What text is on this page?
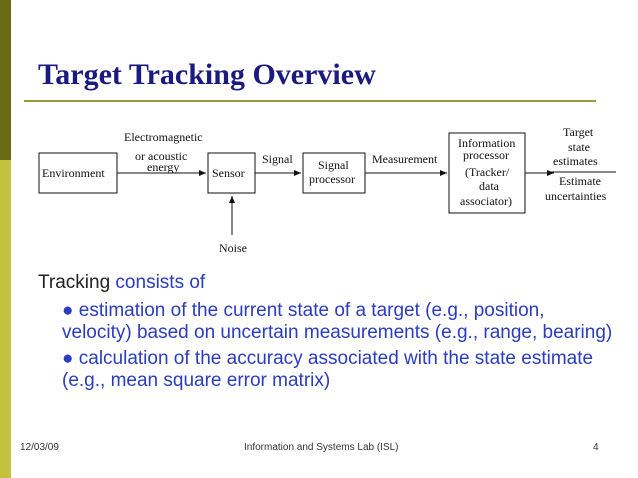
Target Tracking Overview
Environment
Electromagnetic
or acoustic
energy	Sensor
Noise
Signal Signal
processor
Measurement
Information
processor
(Tracker/
data
associator)
Target
state
estimates
Estimate
uncertainties
Tracking consists of
● estimation of the current state of a target (e.g., position, velocity) based on uncertain measurements (e.g., range, bearing)
● calculation of the accuracy associated with the state estimate (e.g., mean square error matrix)
12/03/09	Information and Systems Lab (ISL)	4
